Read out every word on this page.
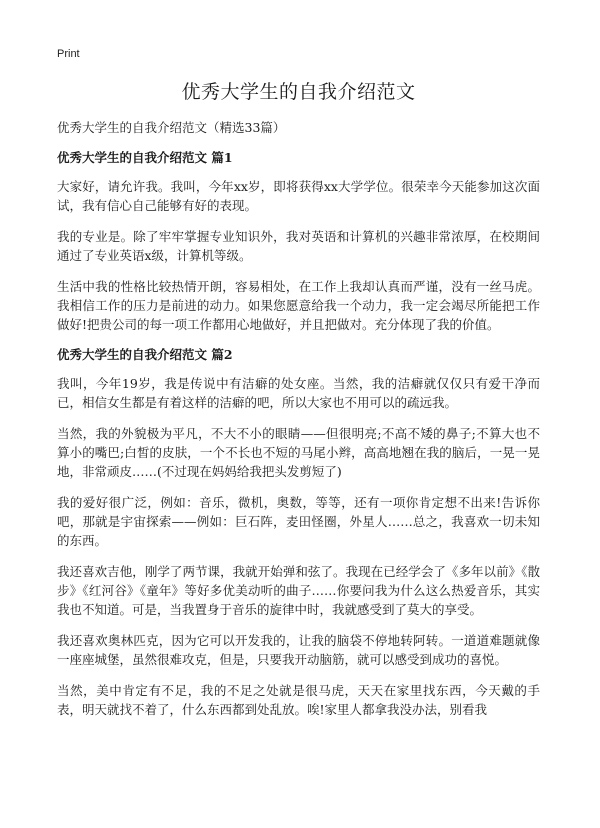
Print
优秀大学生的自我介绍范文
优秀大学生的自我介绍范文（精选33篇）
优秀大学生的自我介绍范文 篇1

大家好，请允许我。我叫，今年xx岁，即将获得xx大学学位。很荣幸今天能参加这次面试，我有信心自己能够有好的表现。

我的专业是。除了牢牢掌握专业知识外，我对英语和计算机的兴趣非常浓厚，在校期间通过了专业英语x级，计算机等级。

生活中我的性格比较热情开朗，容易相处，在工作上我却认真而严谨，没有一丝马虎。我相信工作的压力是前进的动力。如果您愿意给我一个动力，我一定会竭尽所能把工作做好!把贵公司的每一项工作都用心地做好，并且把做对。充分体现了我的价值。

优秀大学生的自我介绍范文 篇2

我叫，今年19岁，我是传说中有洁癖的处女座。当然，我的洁癖就仅仅只有爱干净而已，相信女生都是有着这样的洁癖的吧，所以大家也不用可以的疏远我。

当然，我的外貌极为平凡，不大不小的眼睛——但很明亮;不高不矮的鼻子;不算大也不算小的嘴巴;白皙的皮肤，一个不长也不短的马尾小辫，高高地翘在我的脑后，一晃一晃地，非常顽皮……(不过现在妈妈给我把头发剪短了)

我的爱好很广泛，例如：音乐，微机，奥数，等等，还有一项你肯定想不出来!告诉你吧，那就是宇宙探索——例如：巨石阵，麦田怪圈，外星人……总之，我喜欢一切未知的东西。

我还喜欢吉他，刚学了两节课，我就开始弹和弦了。我现在已经学会了《多年以前》《散步》《红河谷》《童年》等好多优美动听的曲子……你要问我为什么这么热爱音乐，其实我也不知道。可是，当我置身于音乐的旋律中时，我就感受到了莫大的享受。

我还喜欢奥林匹克，因为它可以开发我的，让我的脑袋不停地转阿转。一道道难题就像一座座城堡，虽然很难攻克，但是，只要我开动脑筋，就可以感受到成功的喜悦。

当然，美中肯定有不足，我的不足之处就是很马虎，天天在家里找东西，今天戴的手表，明天就找不着了，什么东西都到处乱放。唉!家里人都拿我没办法，别看我
